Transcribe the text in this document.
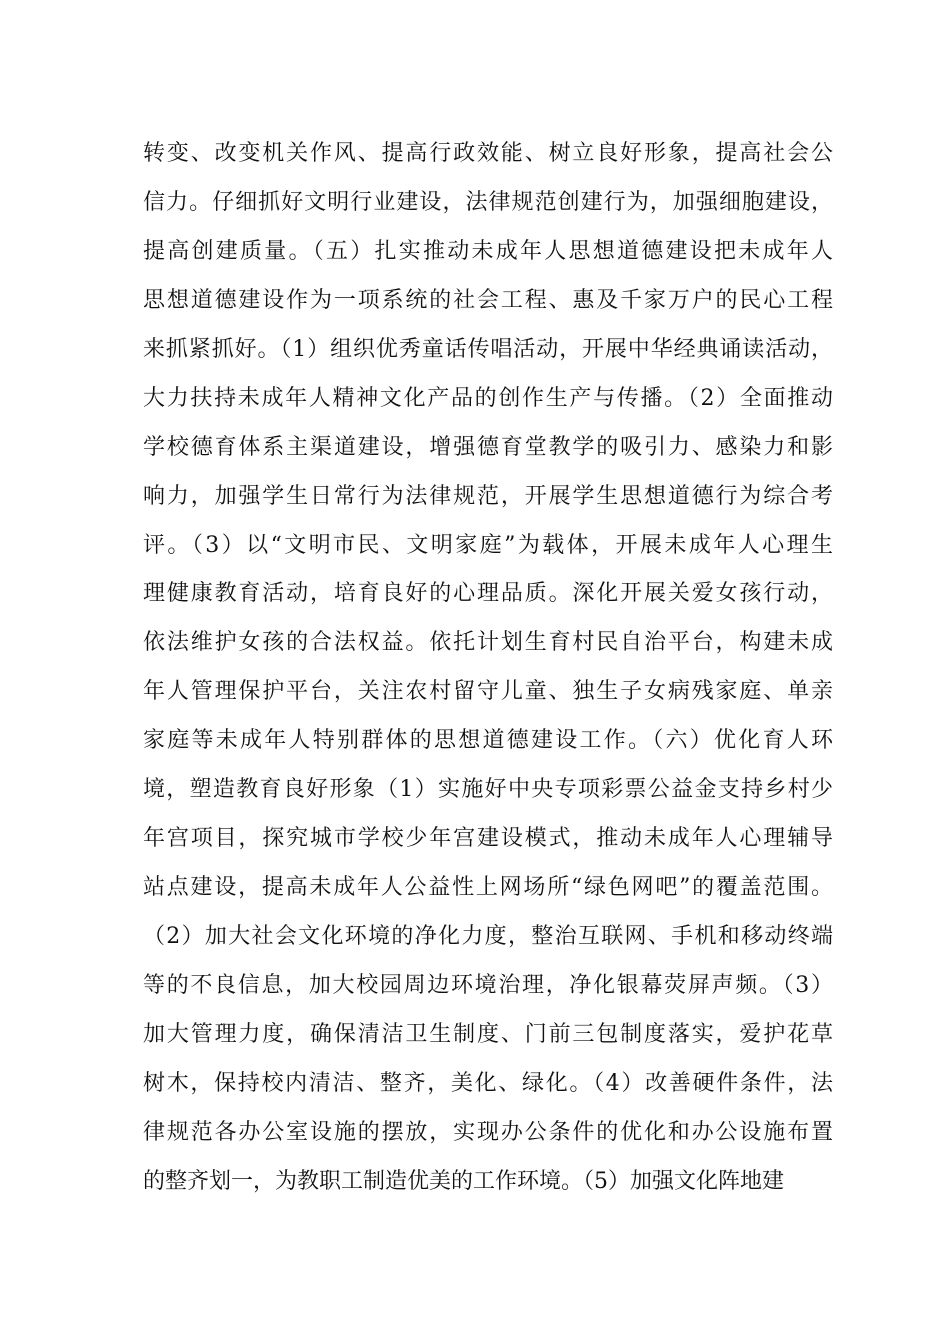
转变、改变机关作风、提高行政效能、树立良好形象，提高社会公
信力。仔细抓好文明行业建设，法律规范创建行为，加强细胞建设，
提高创建质量。（五）扎实推动未成年人思想道德建设把未成年人
思想道德建设作为一项系统的社会工程、惠及千家万户的民心工程
来抓紧抓好。（1）组织优秀童话传唱活动，开展中华经典诵读活动，
大力扶持未成年人精神文化产品的创作生产与传播。（2）全面推动
学校德育体系主渠道建设，增强德育堂教学的吸引力、感染力和影
响力，加强学生日常行为法律规范，开展学生思想道德行为综合考
评。（3）以“文明市民、文明家庭”为载体，开展未成年人心理生
理健康教育活动，培育良好的心理品质。深化开展关爱女孩行动，
依法维护女孩的合法权益。依托计划生育村民自治平台，构建未成
年人管理保护平台，关注农村留守儿童、独生子女病残家庭、单亲
家庭等未成年人特别群体的思想道德建设工作。（六）优化育人环
境，塑造教育良好形象（1）实施好中央专项彩票公益金支持乡村少
年宫项目，探究城市学校少年宫建设模式，推动未成年人心理辅导
站点建设，提高未成年人公益性上网场所“绿色网吧”的覆盖范围。
（2）加大社会文化环境的净化力度，整治互联网、手机和移动终端
等的不良信息，加大校园周边环境治理，净化银幕荧屏声频。（3）
加大管理力度，确保清洁卫生制度、门前三包制度落实，爱护花草
树木，保持校内清洁、整齐，美化、绿化。（4）改善硬件条件，法
律规范各办公室设施的摆放，实现办公条件的优化和办公设施布置
的整齐划一，为教职工制造优美的工作环境。（5）加强文化阵地建
